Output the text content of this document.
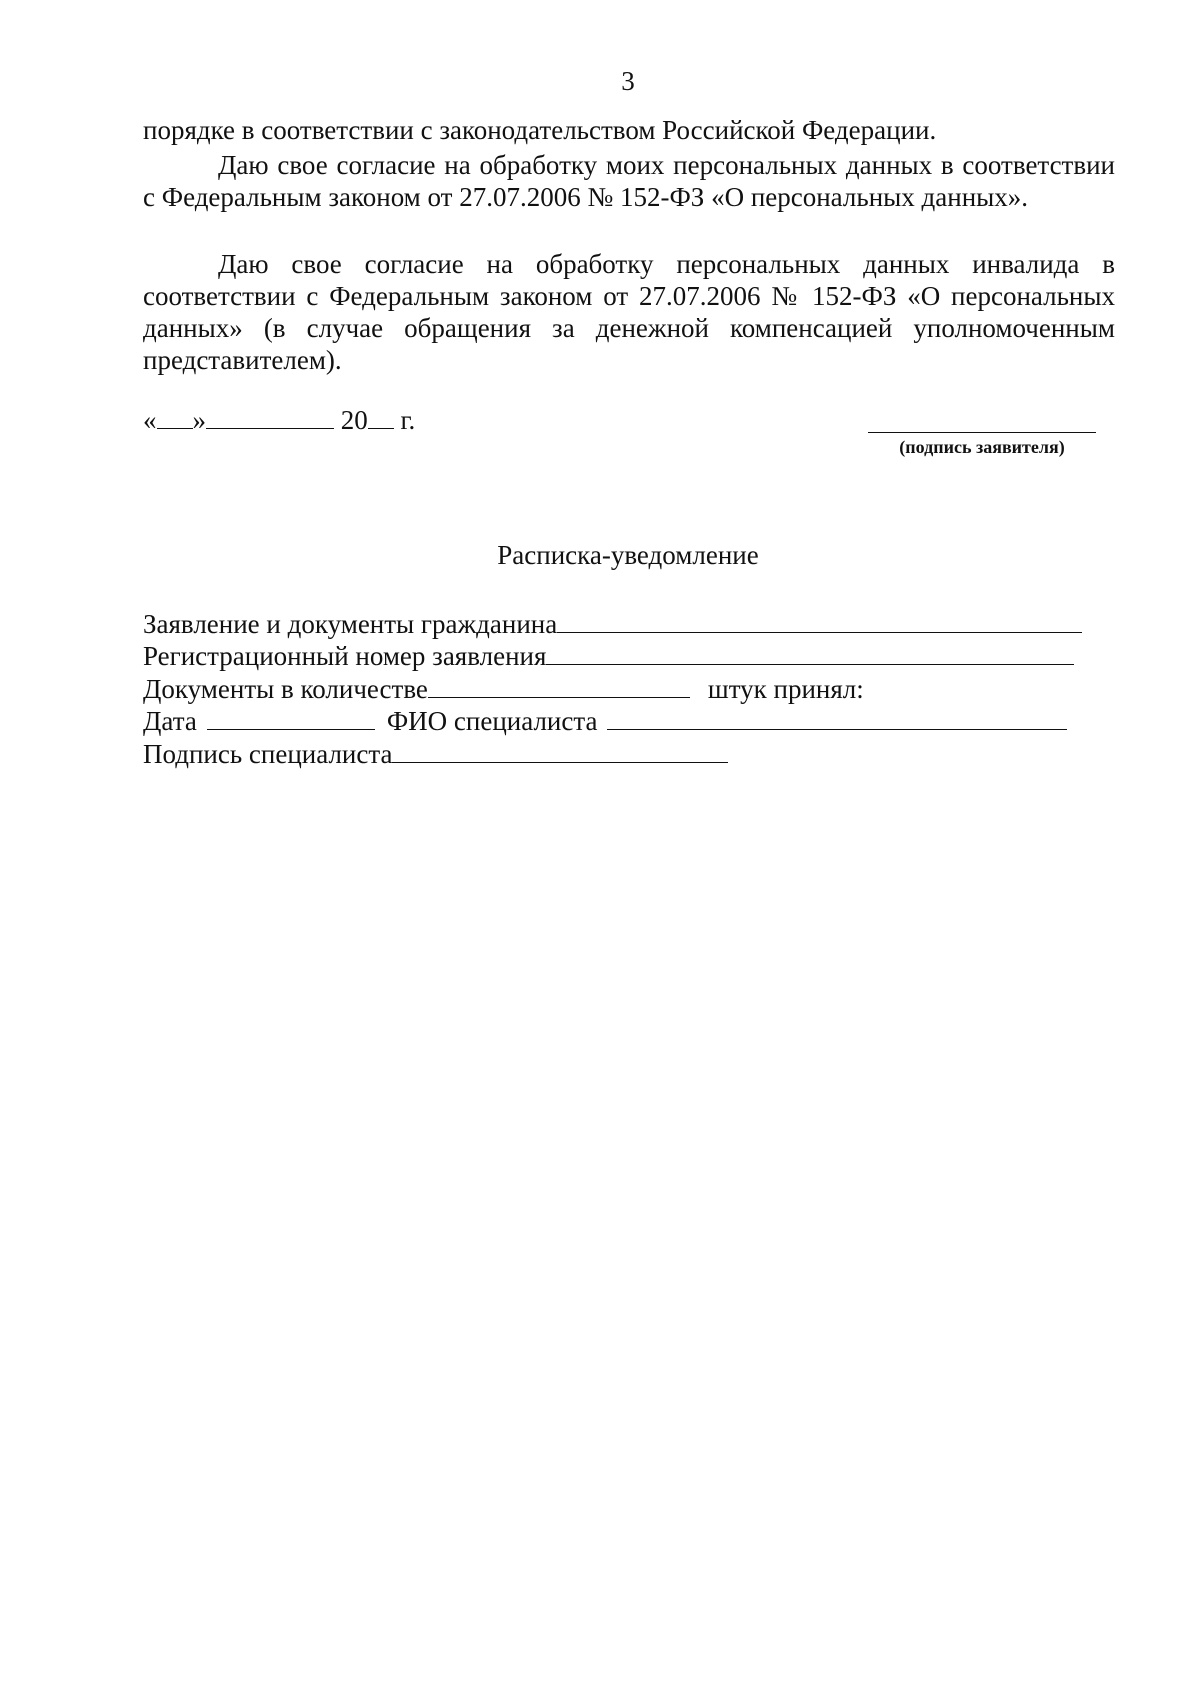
3

порядке в соответствии с законодательством Российской Федерации.

Даю свое согласие на обработку моих персональных данных в соответствии с Федеральным законом от 27.07.2006 № 152-ФЗ «О персональных данных».

Даю свое согласие на обработку персональных данных инвалида в соответствии с Федеральным законом от 27.07.2006 № 152-ФЗ «О персональных данных» (в случае обращения за денежной компенсацией уполномоченным представителем).

« »	20 г.
(подпись заявителя)
Расписка-уведомление
Заявление и документы гражданина
Регистрационный номер заявления
Документы в количестве	штук принял:
Дата	ФИО специалиста
Подпись специалиста
